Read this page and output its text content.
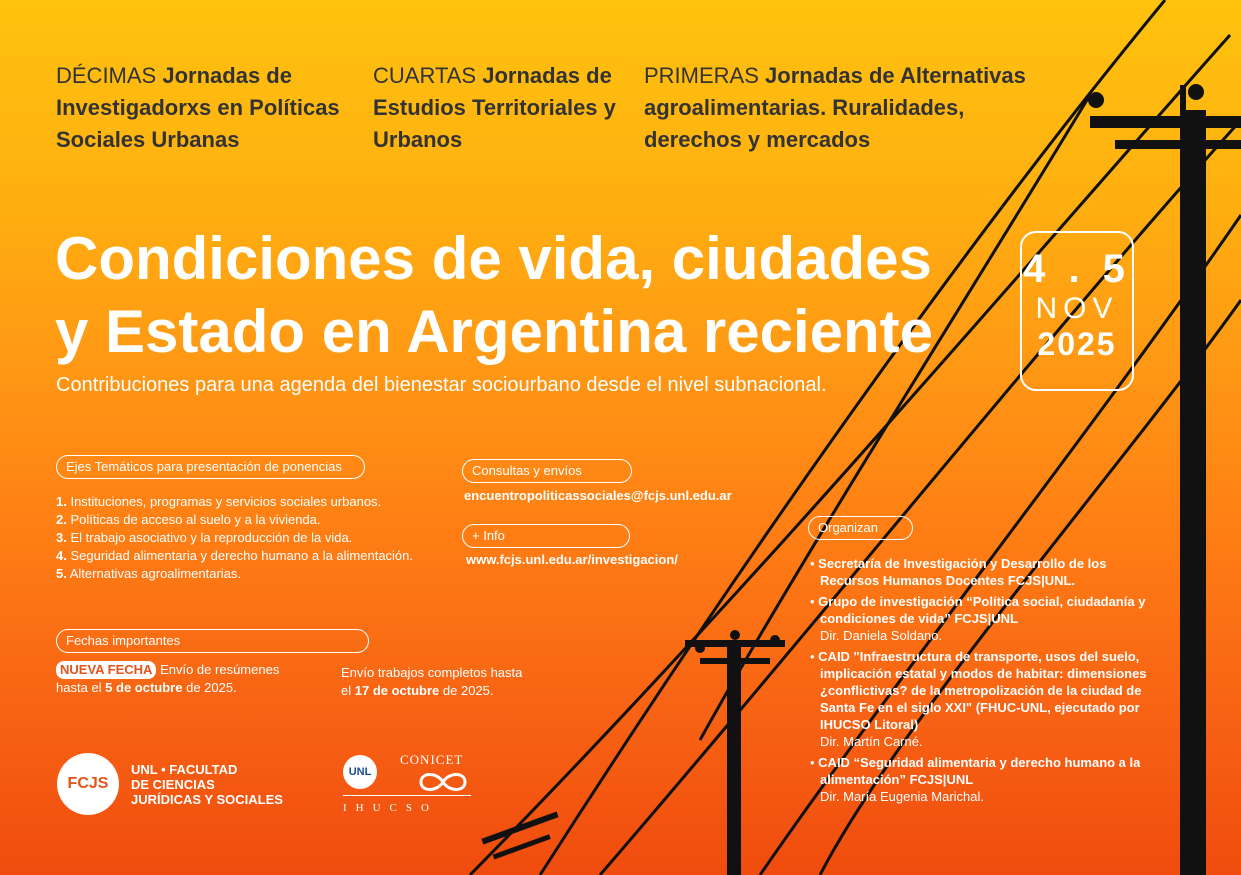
DÉCIMAS Jornadas de Investigadorxs en Políticas Sociales Urbanas
CUARTAS Jornadas de Estudios Territoriales y Urbanos
PRIMERAS Jornadas de Alternativas agroalimentarias. Ruralidades, derechos y mercados
Condiciones de vida, ciudades
y Estado en Argentina reciente
Contribuciones para una agenda del bienestar sociourbano desde el nivel subnacional.
4 . 5
NOV
2025
Ejes Temáticos para presentación de ponencias
1. Instituciones, programas y servicios sociales urbanos.
2. Políticas de acceso al suelo y a la vivienda.
3. El trabajo asociativo y la reproducción de la vida.
4. Seguridad alimentaria y derecho humano a la alimentación.
5. Alternativas agroalimentarias.
Fechas importantes
NUEVA FECHA Envío de resúmenes
hasta el 5 de octubre de 2025.
Envío trabajos completos hasta
el 17 de octubre de 2025.
Consultas y envíos
encuentropoliticassociales@fcjs.unl.edu.ar
+ Info
www.fcjs.unl.edu.ar/investigacion/
Organizan
• Secretaría de Investigación y Desarrollo de los Recursos Humanos Docentes FCJS|UNL.
• Grupo de investigación “Política social, ciudadanía y condiciones de vida” FCJS|UNL
Dir. Daniela Soldano.
• CAID "Infraestructura de transporte, usos del suelo, implicación estatal y modos de habitar: dimensiones ¿conflictivas? de la metropolización de la ciudad de Santa Fe en el siglo XXI" (FHUC-UNL, ejecutado por IHUCSO Litoral)
Dir. Martín Carné.
• CAID “Seguridad alimentaria y derecho humano a la alimentación” FCJS|UNL
Dir. María Eugenia Marichal.
FCJS
UNL • FACULTAD
DE CIENCIAS
JURÍDICAS Y SOCIALES
UNL
CONICET
IHUCSO
